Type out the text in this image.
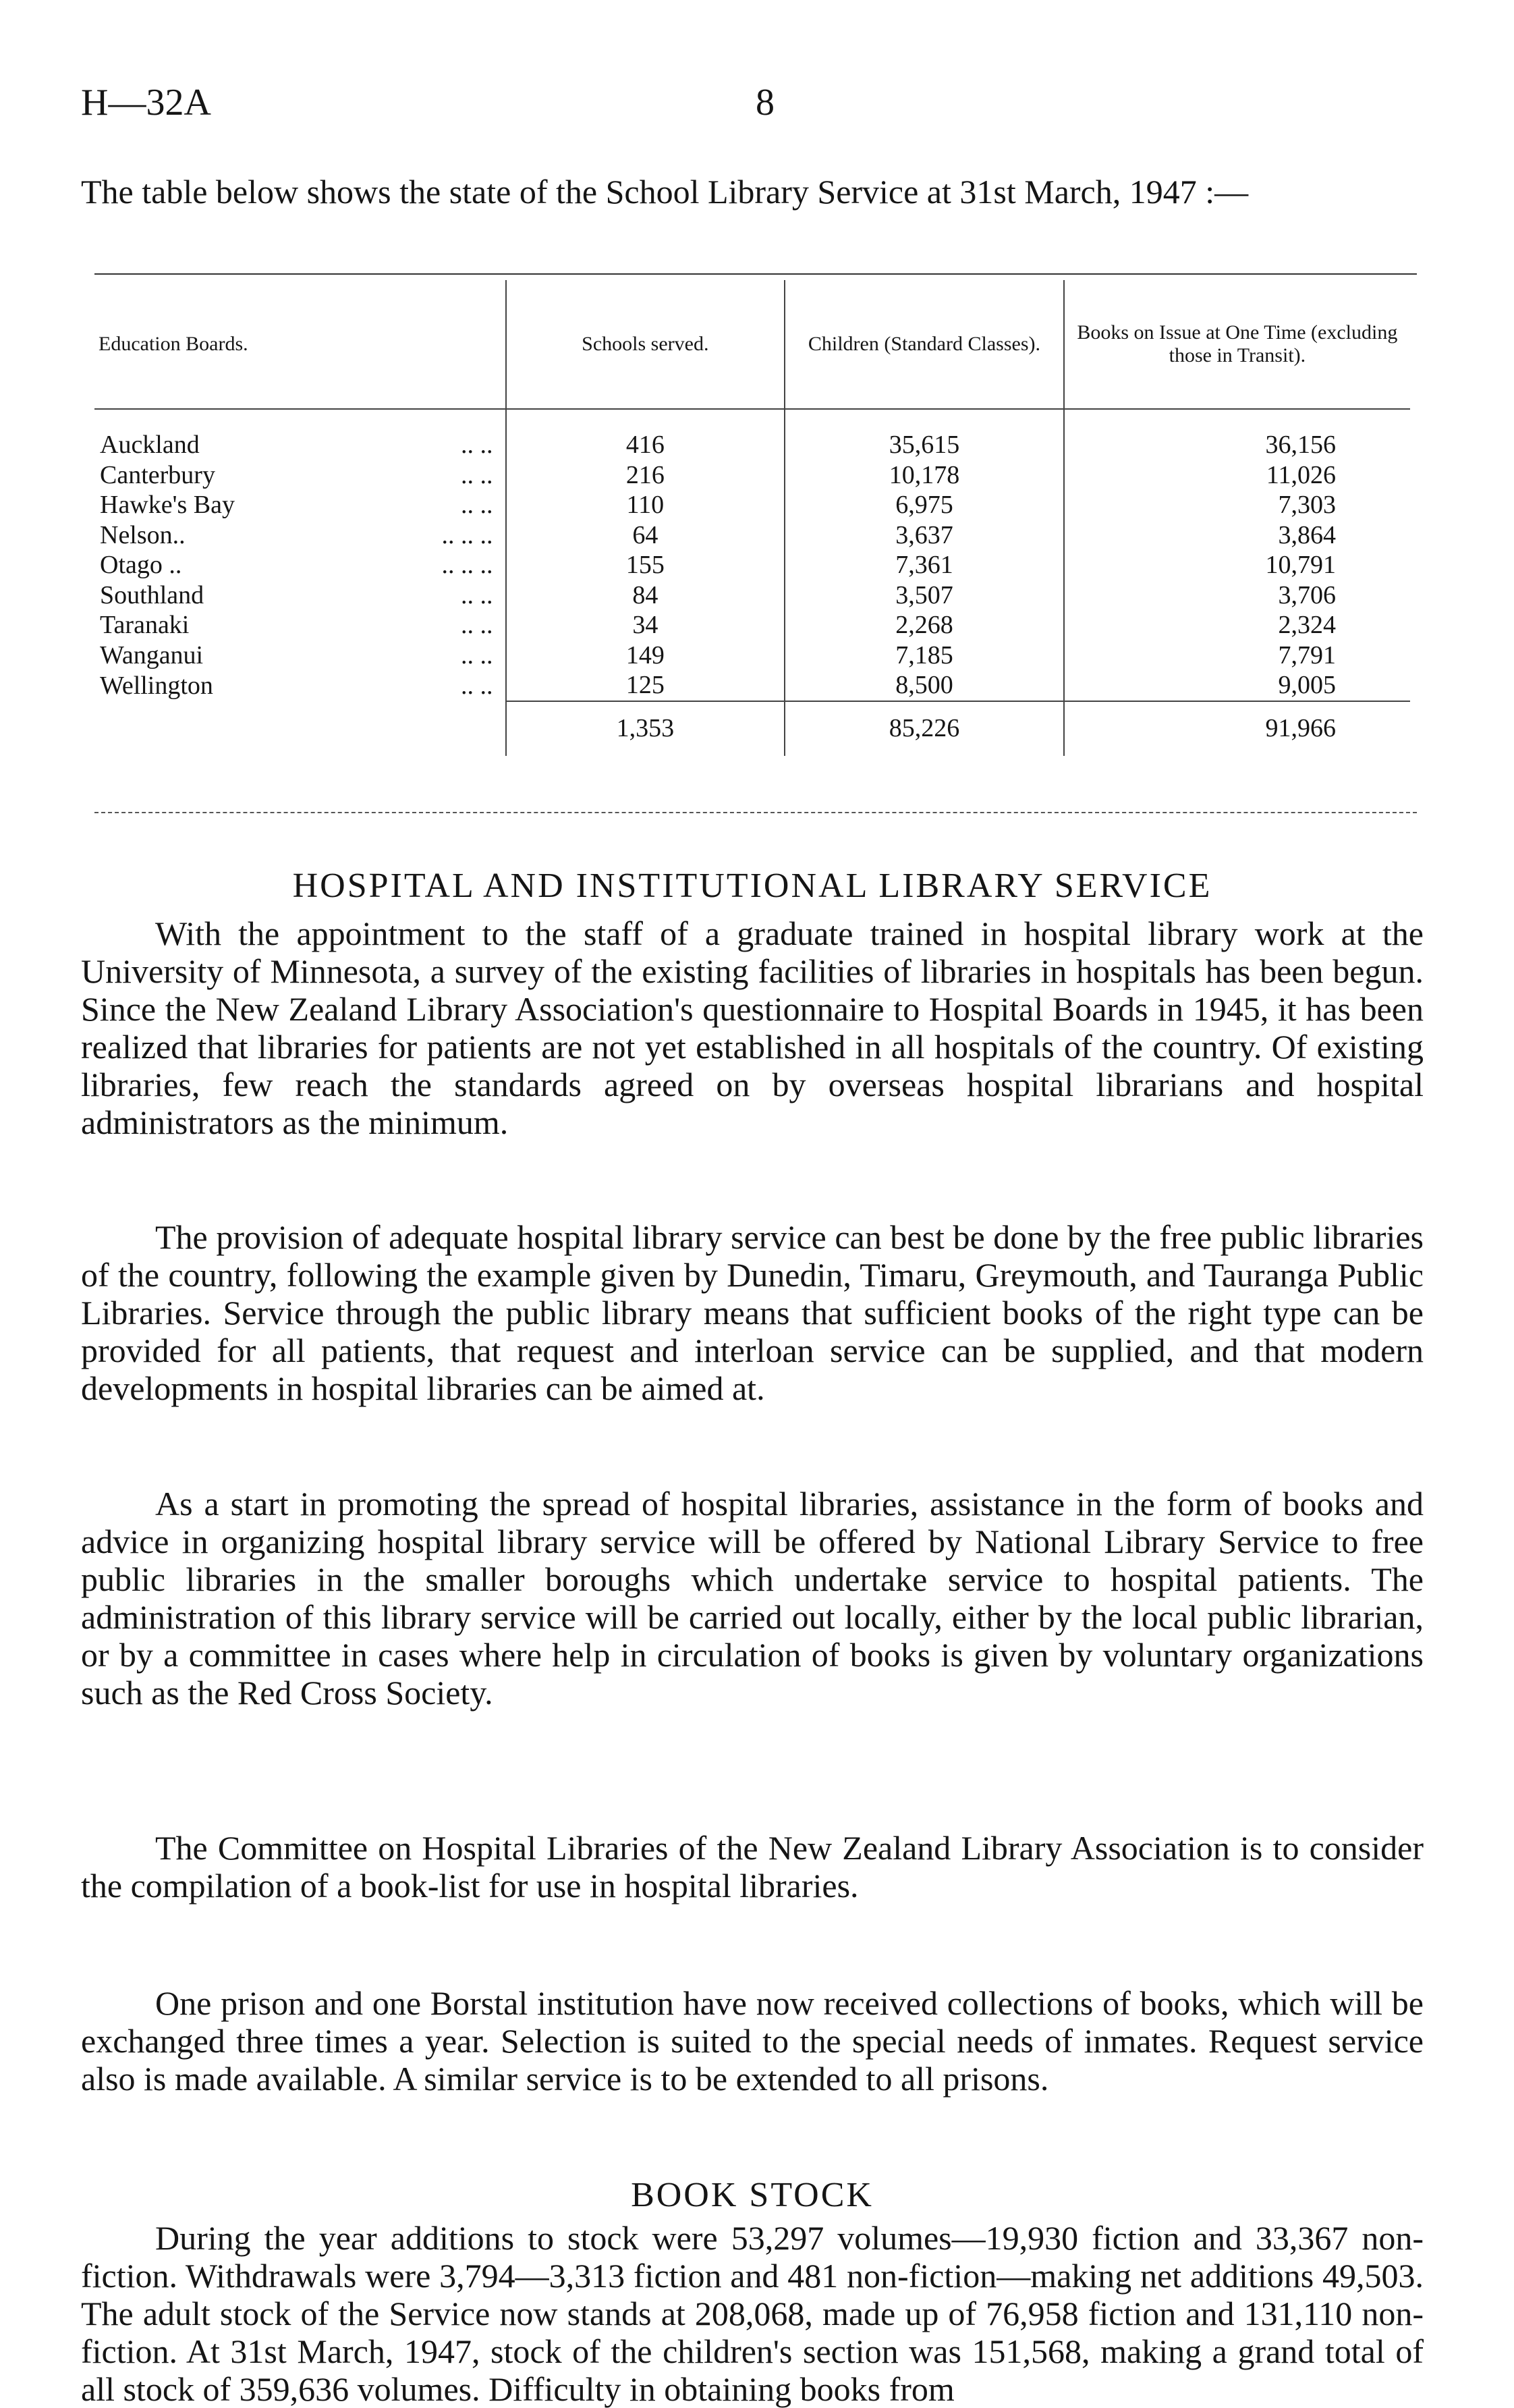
H—32A	8
The table below shows the state of the School Library Service at 31st March, 1947 :—
Education Boards.	Schools served.	Children (Standard Classes).	Books on Issue at One Time (excluding those in Transit).

Auckland .. ..	416	35,615	36,156

Canterbury .. ..	216	10,178	11,026

Hawke's Bay .. ..	110	6,975	7,303

Nelson.. .. .. ..	64	3,637	3,864

Otago .. .. .. ..	155	7,361	10,791

Southland .. ..	84	3,507	3,706

Taranaki .. ..	34	2,268	2,324

Wanganui .. ..	149	7,185	7,791

Wellington .. ..	125	8,500	9,005
	1,353	85,226	91,966
HOSPITAL AND INSTITUTIONAL LIBRARY SERVICE
With the appointment to the staff of a graduate trained in hospital library work at the University of Minnesota, a survey of the existing facilities of libraries in hospitals has been begun. Since the New Zealand Library Association's questionnaire to Hospital Boards in 1945, it has been realized that libraries for patients are not yet established in all hospitals of the country. Of existing libraries, few reach the standards agreed on by overseas hospital librarians and hospital administrators as the minimum.
The provision of adequate hospital library service can best be done by the free public libraries of the country, following the example given by Dunedin, Timaru, Greymouth, and Tauranga Public Libraries. Service through the public library means that sufficient books of the right type can be provided for all patients, that request and interloan service can be supplied, and that modern developments in hospital libraries can be aimed at.
As a start in promoting the spread of hospital libraries, assistance in the form of books and advice in organizing hospital library service will be offered by National Library Service to free public libraries in the smaller boroughs which undertake service to hospital patients. The administration of this library service will be carried out locally, either by the local public librarian, or by a committee in cases where help in circulation of books is given by voluntary organizations such as the Red Cross Society.
The Committee on Hospital Libraries of the New Zealand Library Association is to consider the compilation of a book-list for use in hospital libraries.
One prison and one Borstal institution have now received collections of books, which will be exchanged three times a year. Selection is suited to the special needs of inmates. Request service also is made available. A similar service is to be extended to all prisons.
BOOK STOCK
During the year additions to stock were 53,297 volumes—19,930 fiction and 33,367 non-fiction. Withdrawals were 3,794—3,313 fiction and 481 non-fiction—making net additions 49,503. The adult stock of the Service now stands at 208,068, made up of 76,958 fiction and 131,110 non-fiction. At 31st March, 1947, stock of the children's section was 151,568, making a grand total of all stock of 359,636 volumes. Difficulty in obtaining books from
